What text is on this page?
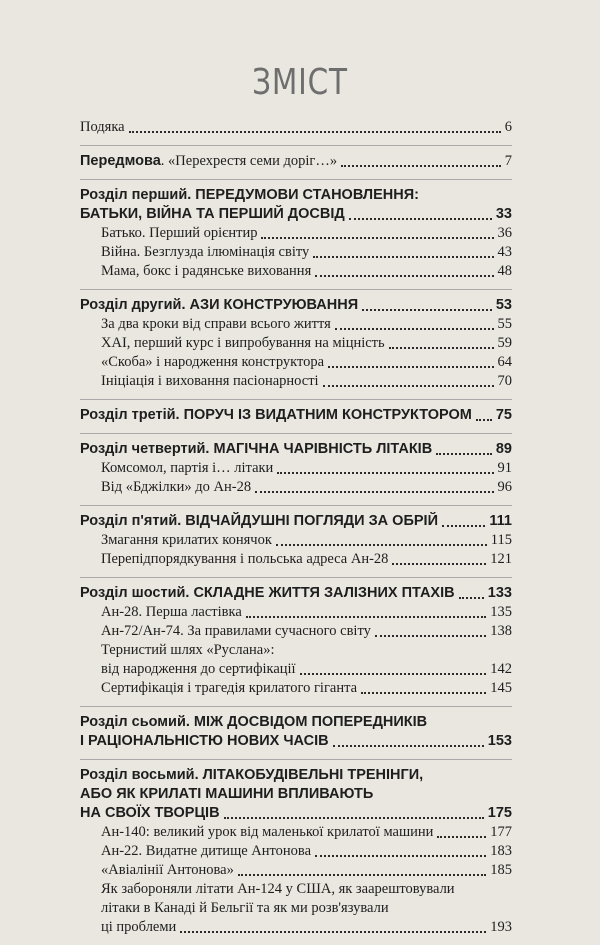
ЗМІСТ
Подяка	6
Передмова. «Перехрестя семи доріг…»	7
Розділ перший. ПЕРЕДУМОВИ СТАНОВЛЕННЯ:
БАТЬКИ, ВІЙНА ТА ПЕРШИЙ ДОСВІД	33
Батько. Перший орієнтир	36
Війна. Безглузда ілюмінація світу	43
Мама, бокс і радянське виховання	48
Розділ другий. АЗИ КОНСТРУЮВАННЯ	53
За два кроки від справи всього життя	55
ХАІ, перший курс і випробування на міцність	59
«Скоба» і народження конструктора	64
Ініціація і виховання пасіонарності	70
Розділ третій. ПОРУЧ ІЗ ВИДАТНИМ КОНСТРУКТОРОМ 75
Розділ четвертий. МАГІЧНА ЧАРІВНІСТЬ ЛІТАКІВ	89
Комсомол, партія і… літаки	91
Від «Бджілки» до Ан-28	96
Розділ п'ятий. ВІДЧАЙДУШНІ ПОГЛЯДИ ЗА ОБРІЙ	111
Змагання крилатих конячок	115
Перепідпорядкування і польська адреса Ан-28	121
Розділ шостий. СКЛАДНЕ ЖИТТЯ ЗАЛІЗНИХ ПТАХІВ 133
Ан-28. Перша ластівка	135
Ан-72/Ан-74. За правилами сучасного світу	138
Тернистий шлях «Руслана»:
від народження до сертифікації	142
Сертифікація і трагедія крилатого гіганта	145
Розділ сьомий. МІЖ ДОСВІДОМ ПОПЕРЕДНИКІВ
І РАЦІОНАЛЬНІСТЮ НОВИХ ЧАСІВ	153
Розділ восьмий. ЛІТАКОБУДІВЕЛЬНІ ТРЕНІНГИ,
АБО ЯК КРИЛАТІ МАШИНИ ВПЛИВАЮТЬ
НА СВОЇХ ТВОРЦІВ	175
Ан-140: великий урок від маленької крилатої машини	177
Ан-22. Видатне дитище Антонова	183
«Авіалінії Антонова»	185
Як забороняли літати Ан-124 у США, як заарештовували
літаки в Канаді й Бельгії та як ми розв'язували
ці проблеми	193
